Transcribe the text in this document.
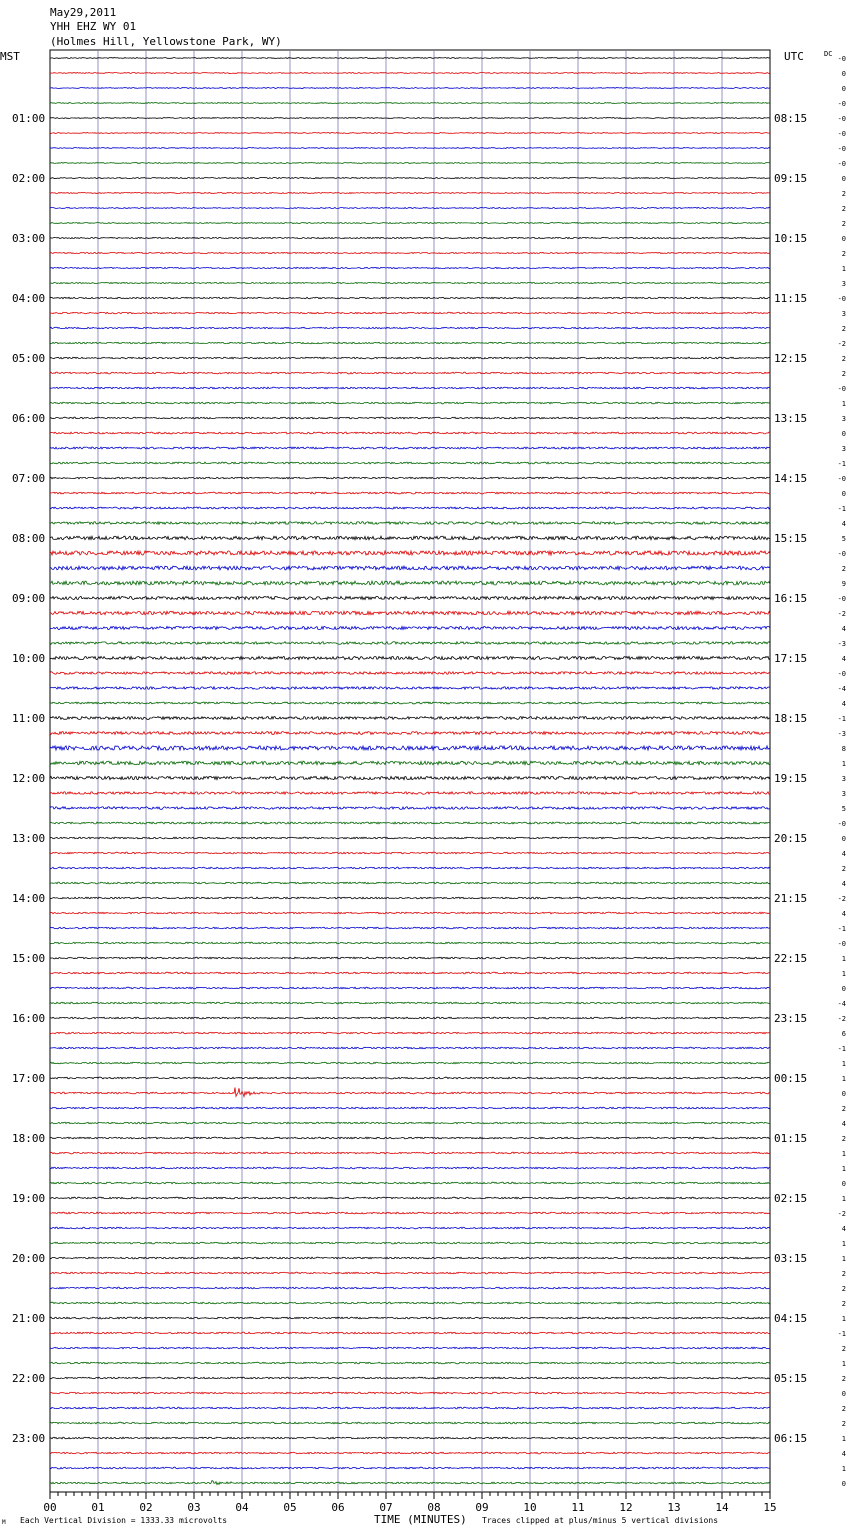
May29,2011
YHH EHZ WY 01
(Holmes Hill, Yellowstone Park, WY)
MST	UTC	DC
01:00
02:00
03:00
04:00
05:00
06:00
07:00
08:00
09:00
10:00
11:00
12:00
13:00
14:00
15:00
16:00
17:00
18:00
19:00
20:00
21:00
22:00
23:00
08:15
09:15
10:15
11:15
12:15
13:15
14:15
15:15
16:15
17:15
18:15
19:15
20:15
21:15
22:15
23:15
00:15
01:15
02:15
03:15
04:15
05:15
06:15
-0
0
0
-0
-0
-0
-0
-0
0
2
2
2
0
2
1
3
-0
3
2
-2
2
2
-0
1
3
0
3
-1
-0
0
-1
4
5
-0
2
9
-0
-2
4
-3
4
-0
-4
4
-1
-3
8
1
3
3
5
-0
0
4
2
4
-2
4
-1
-0
1
1
0
-4
-2
6
-1
1
1
0
2
4
2
1
1
0
1
-2
4
1
1
2
2
2
1
-1
2
1
2
0
2
2
1
4
1
0
00	01	02	03	04	05	06	07	08	09	10	11	12	13	14	15
M Each Vertical Division = 1333.33 microvolts	TIME (MINUTES) Traces clipped at plus/minus 5 vertical divisions
